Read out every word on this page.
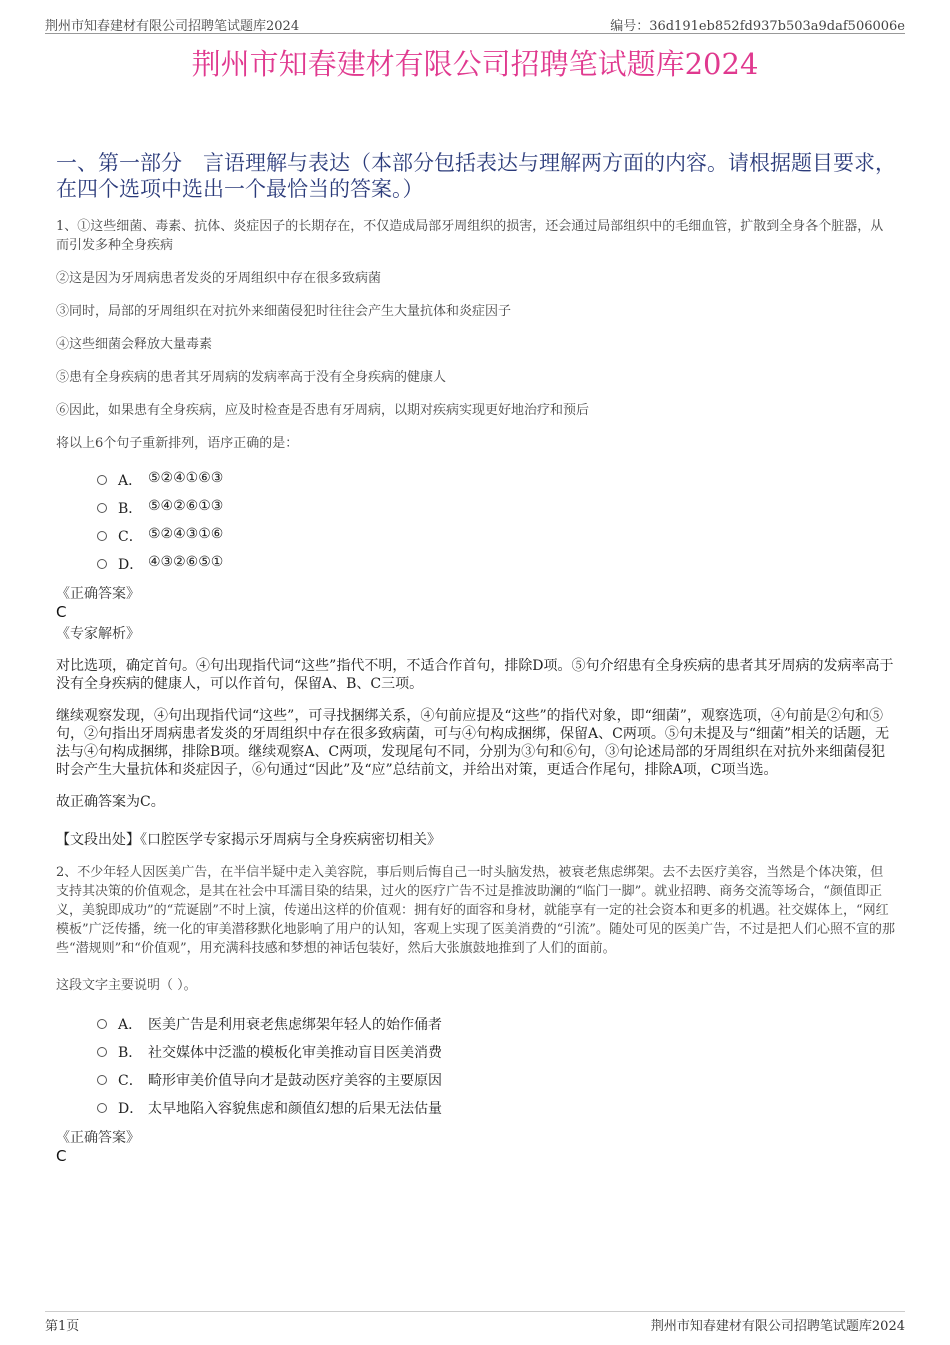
荆州市知春建材有限公司招聘笔试题库2024	编号：36d191eb852fd937b503a9daf506006e
荆州市知春建材有限公司招聘笔试题库2024
一、第一部分　言语理解与表达（本部分包括表达与理解两方面的内容。请根据题目要求，在四个选项中选出一个最恰当的答案。）

1、①这些细菌、毒素、抗体、炎症因子的长期存在，不仅造成局部牙周组织的损害，还会通过局部组织中的毛细血管，扩散到全身各个脏器，从而引发多种全身疾病

②这是因为牙周病患者发炎的牙周组织中存在很多致病菌

③同时，局部的牙周组织在对抗外来细菌侵犯时往往会产生大量抗体和炎症因子

④这些细菌会释放大量毒素

⑤患有全身疾病的患者其牙周病的发病率高于没有全身疾病的健康人

⑥因此，如果患有全身疾病，应及时检查是否患有牙周病，以期对疾病实现更好地治疗和预后

将以上6个句子重新排列，语序正确的是：

A． ⑤②④①⑥③
B． ⑤④②⑥①③
C． ⑤②④③①⑥
D． ④③②⑥⑤①

《正确答案》

C

《专家解析》

对比选项，确定首句。④句出现指代词“这些”指代不明，不适合作首句，排除D项。⑤句介绍患有全身疾病的患者其牙周病的发病率高于没有全身疾病的健康人，可以作首句，保留A、B、C三项。

继续观察发现，④句出现指代词“这些”，可寻找捆绑关系，④句前应提及“这些”的指代对象，即“细菌”，观察选项，④句前是②句和⑤句，②句指出牙周病患者发炎的牙周组织中存在很多致病菌，可与④句构成捆绑，保留A、C两项。⑤句未提及与“细菌”相关的话题，无法与④句构成捆绑，排除B项。继续观察A、C两项，发现尾句不同，分别为③句和⑥句，③句论述局部的牙周组织在对抗外来细菌侵犯时会产生大量抗体和炎症因子，⑥句通过“因此”及“应”总结前文，并给出对策，更适合作尾句，排除A项，C项当选。

故正确答案为C。

【文段出处】《口腔医学专家揭示牙周病与全身疾病密切相关》

2、不少年轻人因医美广告，在半信半疑中走入美容院，事后则后悔自己一时头脑发热，被衰老焦虑绑架。去不去医疗美容，当然是个体决策，但支持其决策的价值观念，是其在社会中耳濡目染的结果，过火的医疗广告不过是推波助澜的“临门一脚”。就业招聘、商务交流等场合，“颜值即正义，美貌即成功”的“荒诞剧”不时上演，传递出这样的价值观：拥有好的面容和身材，就能享有一定的社会资本和更多的机遇。社交媒体上，“网红模板”广泛传播，统一化的审美潜移默化地影响了用户的认知，客观上实现了医美消费的“引流”。随处可见的医美广告，不过是把人们心照不宣的那些“潜规则”和“价值观”，用充满科技感和梦想的神话包装好，然后大张旗鼓地推到了人们的面前。

这段文字主要说明（ ）。

A． 医美广告是利用衰老焦虑绑架年轻人的始作俑者
B． 社交媒体中泛滥的模板化审美推动盲目医美消费
C． 畸形审美价值导向才是鼓动医疗美容的主要原因
D． 太早地陷入容貌焦虑和颜值幻想的后果无法估量

《正确答案》

C

第1页	荆州市知春建材有限公司招聘笔试题库2024
